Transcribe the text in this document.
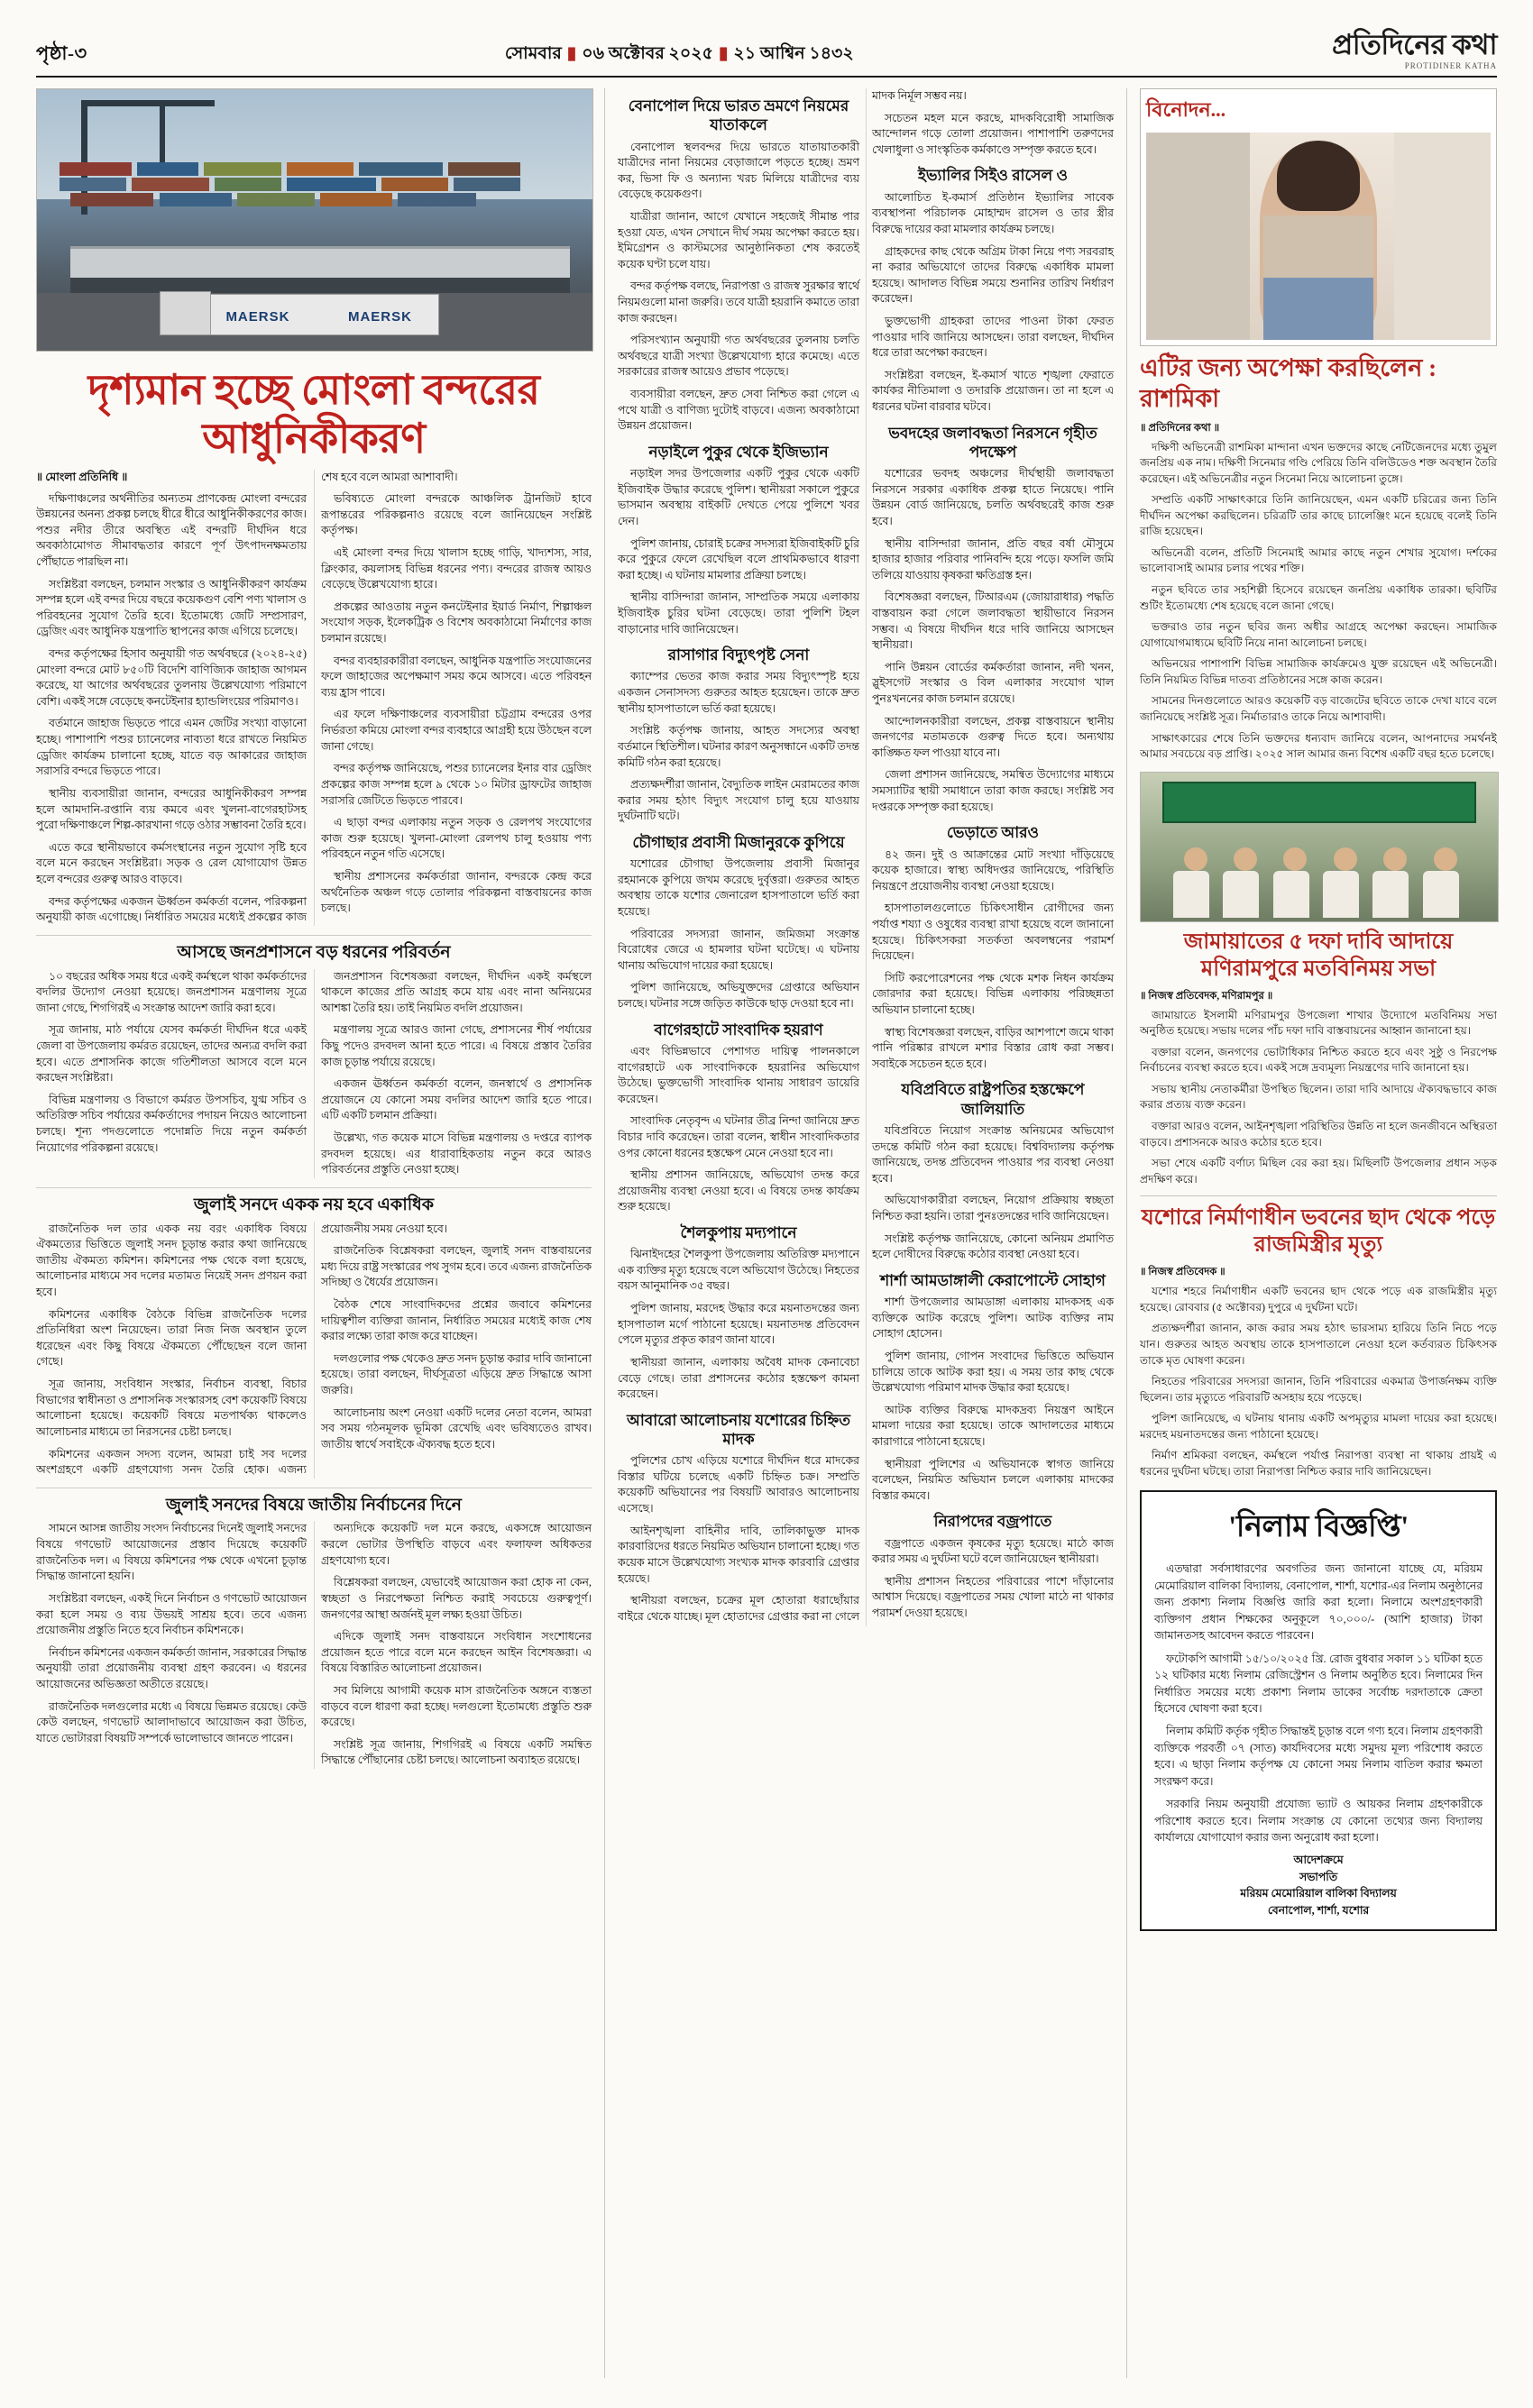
পৃষ্ঠা-৩	সোমবার ▮ ০৬ অক্টোবর ২০২৫ ▮ ২১ আশ্বিন ১৪৩২	প্রতিদিনের কথা
PROTIDINER KATHA
MAERSK	MAERSK
দৃশ্যমান হচ্ছে মোংলা বন্দরের আধুনিকীকরণ
॥ মোংলা প্রতিনিধি ॥

দক্ষিণাঞ্চলের অর্থনীতির অন্যতম প্রাণকেন্দ্র মোংলা বন্দরের উন্নয়নের অনন্য প্রকল্প চলছে ধীরে ধীরে আধুনিকীকরণের কাজ। পশুর নদীর তীরে অবস্থিত এই বন্দরটি দীর্ঘদিন ধরে অবকাঠামোগত সীমাবদ্ধতার কারণে পূর্ণ উৎপাদনক্ষমতায় পৌঁছাতে পারছিল না।

সংশ্লিষ্টরা বলছেন, চলমান সংস্কার ও আধুনিকীকরণ কার্যক্রম সম্পন্ন হলে এই বন্দর দিয়ে বছরে কয়েকগুণ বেশি পণ্য খালাস ও পরিবহনের সুযোগ তৈরি হবে। ইতোমধ্যে জেটি সম্প্রসারণ, ড্রেজিং এবং আধুনিক যন্ত্রপাতি স্থাপনের কাজ এগিয়ে চলেছে।

বন্দর কর্তৃপক্ষের হিসাব অনুযায়ী গত অর্থবছরে (২০২৪-২৫) মোংলা বন্দরে মোট ৮৫০টি বিদেশি বাণিজ্যিক জাহাজ আগমন করেছে, যা আগের অর্থবছরের তুলনায় উল্লেখযোগ্য পরিমাণে বেশি। একই সঙ্গে বেড়েছে কনটেইনার হ্যান্ডলিংয়ের পরিমাণও।

বর্তমানে জাহাজ ভিড়তে পারে এমন জেটির সংখ্যা বাড়ানো হচ্ছে। পাশাপাশি পশুর চ্যানেলের নাব্যতা ধরে রাখতে নিয়মিত ড্রেজিং কার্যক্রম চালানো হচ্ছে, যাতে বড় আকারের জাহাজ সরাসরি বন্দরে ভিড়তে পারে।

স্থানীয় ব্যবসায়ীরা জানান, বন্দরের আধুনিকীকরণ সম্পন্ন হলে আমদানি-রপ্তানি ব্যয় কমবে এবং খুলনা-বাগেরহাটসহ পুরো দক্ষিণাঞ্চলে শিল্প-কারখানা গড়ে ওঠার সম্ভাবনা তৈরি হবে।

এতে করে স্থানীয়ভাবে কর্মসংস্থানের নতুন সুযোগ সৃষ্টি হবে বলে মনে করছেন সংশ্লিষ্টরা। সড়ক ও রেল যোগাযোগ উন্নত হলে বন্দরের গুরুত্ব আরও বাড়বে।

বন্দর কর্তৃপক্ষের একজন ঊর্ধ্বতন কর্মকর্তা বলেন, পরিকল্পনা অনুযায়ী কাজ এগোচ্ছে। নির্ধারিত সময়ের মধ্যেই প্রকল্পের কাজ শেষ হবে বলে আমরা আশাবাদী।

ভবিষ্যতে মোংলা বন্দরকে আঞ্চলিক ট্রানজিট হাবে রূপান্তরের পরিকল্পনাও রয়েছে বলে জানিয়েছেন সংশ্লিষ্ট কর্তৃপক্ষ।

এই মোংলা বন্দর দিয়ে খালাস হচ্ছে গাড়ি, খাদ্যশস্য, সার, ক্লিংকার, কয়লাসহ বিভিন্ন ধরনের পণ্য। বন্দরের রাজস্ব আয়ও বেড়েছে উল্লেখযোগ্য হারে।

প্রকল্পের আওতায় নতুন কনটেইনার ইয়ার্ড নির্মাণ, শিল্পাঞ্চল সংযোগ সড়ক, ইলেকট্রিক ও বিশেষ অবকাঠামো নির্মাণের কাজ চলমান রয়েছে।

বন্দর ব্যবহারকারীরা বলছেন, আধুনিক যন্ত্রপাতি সংযোজনের ফলে জাহাজের অপেক্ষমাণ সময় কমে আসবে। এতে পরিবহন ব্যয় হ্রাস পাবে।

এর ফলে দক্ষিণাঞ্চলের ব্যবসায়ীরা চট্টগ্রাম বন্দরের ওপর নির্ভরতা কমিয়ে মোংলা বন্দর ব্যবহারে আগ্রহী হয়ে উঠছেন বলে জানা গেছে।

বন্দর কর্তৃপক্ষ জানিয়েছে, পশুর চ্যানেলের ইনার বার ড্রেজিং প্রকল্পের কাজ সম্পন্ন হলে ৯ থেকে ১০ মিটার ড্রাফটের জাহাজ সরাসরি জেটিতে ভিড়তে পারবে।

এ ছাড়া বন্দর এলাকায় নতুন সড়ক ও রেলপথ সংযোগের কাজ শুরু হয়েছে। খুলনা-মোংলা রেলপথ চালু হওয়ায় পণ্য পরিবহনে নতুন গতি এসেছে।

স্থানীয় প্রশাসনের কর্মকর্তারা জানান, বন্দরকে কেন্দ্র করে অর্থনৈতিক অঞ্চল গড়ে তোলার পরিকল্পনা বাস্তবায়নের কাজ চলছে।

আসছে জনপ্রশাসনে বড় ধরনের পরিবর্তন

১০ বছরের অধিক সময় ধরে একই কর্মস্থলে থাকা কর্মকর্তাদের বদলির উদ্যোগ নেওয়া হয়েছে। জনপ্রশাসন মন্ত্রণালয় সূত্রে জানা গেছে, শিগগিরই এ সংক্রান্ত আদেশ জারি করা হবে।

সূত্র জানায়, মাঠ পর্যায়ে যেসব কর্মকর্তা দীর্ঘদিন ধরে একই জেলা বা উপজেলায় কর্মরত রয়েছেন, তাদের অন্যত্র বদলি করা হবে। এতে প্রশাসনিক কাজে গতিশীলতা আসবে বলে মনে করছেন সংশ্লিষ্টরা।

বিভিন্ন মন্ত্রণালয় ও বিভাগে কর্মরত উপসচিব, যুগ্ম সচিব ও অতিরিক্ত সচিব পর্যায়ের কর্মকর্তাদের পদায়ন নিয়েও আলোচনা চলছে। শূন্য পদগুলোতে পদোন্নতি দিয়ে নতুন কর্মকর্তা নিয়োগের পরিকল্পনা রয়েছে।

জনপ্রশাসন বিশেষজ্ঞরা বলছেন, দীর্ঘদিন একই কর্মস্থলে থাকলে কাজের প্রতি আগ্রহ কমে যায় এবং নানা অনিয়মের আশঙ্কা তৈরি হয়। তাই নিয়মিত বদলি প্রয়োজন।

মন্ত্রণালয় সূত্রে আরও জানা গেছে, প্রশাসনের শীর্ষ পর্যায়ের কিছু পদেও রদবদল আনা হতে পারে। এ বিষয়ে প্রস্তাব তৈরির কাজ চূড়ান্ত পর্যায়ে রয়েছে।

একজন ঊর্ধ্বতন কর্মকর্তা বলেন, জনস্বার্থে ও প্রশাসনিক প্রয়োজনে যে কোনো সময় বদলির আদেশ জারি হতে পারে। এটি একটি চলমান প্রক্রিয়া।

উল্লেখ্য, গত কয়েক মাসে বিভিন্ন মন্ত্রণালয় ও দপ্তরে ব্যাপক রদবদল হয়েছে। এর ধারাবাহিকতায় নতুন করে আরও পরিবর্তনের প্রস্তুতি নেওয়া হচ্ছে।

জুলাই সনদে একক নয় হবে একাধিক

রাজনৈতিক দল তার একক নয় বরং একাধিক বিষয়ে ঐকমত্যের ভিত্তিতে জুলাই সনদ চূড়ান্ত করার কথা জানিয়েছে জাতীয় ঐকমত্য কমিশন। কমিশনের পক্ষ থেকে বলা হয়েছে, আলোচনার মাধ্যমে সব দলের মতামত নিয়েই সনদ প্রণয়ন করা হবে।

কমিশনের একাধিক বৈঠকে বিভিন্ন রাজনৈতিক দলের প্রতিনিধিরা অংশ নিয়েছেন। তারা নিজ নিজ অবস্থান তুলে ধরেছেন এবং কিছু বিষয়ে ঐকমত্যে পৌঁছেছেন বলে জানা গেছে।

সূত্র জানায়, সংবিধান সংস্কার, নির্বাচন ব্যবস্থা, বিচার বিভাগের স্বাধীনতা ও প্রশাসনিক সংস্কারসহ বেশ কয়েকটি বিষয়ে আলোচনা হয়েছে। কয়েকটি বিষয়ে মতপার্থক্য থাকলেও আলোচনার মাধ্যমে তা নিরসনের চেষ্টা চলছে।

কমিশনের একজন সদস্য বলেন, আমরা চাই সব দলের অংশগ্রহণে একটি গ্রহণযোগ্য সনদ তৈরি হোক। এজন্য প্রয়োজনীয় সময় নেওয়া হবে।

রাজনৈতিক বিশ্লেষকরা বলছেন, জুলাই সনদ বাস্তবায়নের মধ্য দিয়ে রাষ্ট্র সংস্কারের পথ সুগম হবে। তবে এজন্য রাজনৈতিক সদিচ্ছা ও ধৈর্যের প্রয়োজন।

বৈঠক শেষে সাংবাদিকদের প্রশ্নের জবাবে কমিশনের দায়িত্বশীল ব্যক্তিরা জানান, নির্ধারিত সময়ের মধ্যেই কাজ শেষ করার লক্ষ্যে তারা কাজ করে যাচ্ছেন।

দলগুলোর পক্ষ থেকেও দ্রুত সনদ চূড়ান্ত করার দাবি জানানো হয়েছে। তারা বলছেন, দীর্ঘসূত্রতা এড়িয়ে দ্রুত সিদ্ধান্তে আসা জরুরি।

আলোচনায় অংশ নেওয়া একটি দলের নেতা বলেন, আমরা সব সময় গঠনমূলক ভূমিকা রেখেছি এবং ভবিষ্যতেও রাখব। জাতীয় স্বার্থে সবাইকে ঐক্যবদ্ধ হতে হবে।

জুলাই সনদের বিষয়ে জাতীয় নির্বাচনের দিনে

সামনে আসন্ন জাতীয় সংসদ নির্বাচনের দিনেই জুলাই সনদের বিষয়ে গণভোট আয়োজনের প্রস্তাব দিয়েছে কয়েকটি রাজনৈতিক দল। এ বিষয়ে কমিশনের পক্ষ থেকে এখনো চূড়ান্ত সিদ্ধান্ত জানানো হয়নি।

সংশ্লিষ্টরা বলছেন, একই দিনে নির্বাচন ও গণভোট আয়োজন করা হলে সময় ও ব্যয় উভয়ই সাশ্রয় হবে। তবে এজন্য প্রয়োজনীয় প্রস্তুতি নিতে হবে নির্বাচন কমিশনকে।

নির্বাচন কমিশনের একজন কর্মকর্তা জানান, সরকারের সিদ্ধান্ত অনুযায়ী তারা প্রয়োজনীয় ব্যবস্থা গ্রহণ করবেন। এ ধরনের আয়োজনের অভিজ্ঞতা অতীতে রয়েছে।

রাজনৈতিক দলগুলোর মধ্যে এ বিষয়ে ভিন্নমত রয়েছে। কেউ কেউ বলছেন, গণভোট আলাদাভাবে আয়োজন করা উচিত, যাতে ভোটাররা বিষয়টি সম্পর্কে ভালোভাবে জানতে পারেন।

অন্যদিকে কয়েকটি দল মনে করছে, একসঙ্গে আয়োজন করলে ভোটার উপস্থিতি বাড়বে এবং ফলাফল অধিকতর গ্রহণযোগ্য হবে।

বিশ্লেষকরা বলছেন, যেভাবেই আয়োজন করা হোক না কেন, স্বচ্ছতা ও নিরপেক্ষতা নিশ্চিত করাই সবচেয়ে গুরুত্বপূর্ণ। জনগণের আস্থা অর্জনই মূল লক্ষ্য হওয়া উচিত।

এদিকে জুলাই সনদ বাস্তবায়নে সংবিধান সংশোধনের প্রয়োজন হতে পারে বলে মনে করছেন আইন বিশেষজ্ঞরা। এ বিষয়ে বিস্তারিত আলোচনা প্রয়োজন।

সব মিলিয়ে আগামী কয়েক মাস রাজনৈতিক অঙ্গনে ব্যস্ততা বাড়বে বলে ধারণা করা হচ্ছে। দলগুলো ইতোমধ্যে প্রস্তুতি শুরু করেছে।

সংশ্লিষ্ট সূত্র জানায়, শিগগিরই এ বিষয়ে একটি সমন্বিত সিদ্ধান্তে পৌঁছানোর চেষ্টা চলছে। আলোচনা অব্যাহত রয়েছে।

বেনাপোল দিয়ে ভারত ভ্রমণে নিয়মের যাতাকলে

বেনাপোল স্থলবন্দর দিয়ে ভারতে যাতায়াতকারী যাত্রীদের নানা নিয়মের বেড়াজালে পড়তে হচ্ছে। ভ্রমণ কর, ভিসা ফি ও অন্যান্য খরচ মিলিয়ে যাত্রীদের ব্যয় বেড়েছে কয়েকগুণ।

যাত্রীরা জানান, আগে যেখানে সহজেই সীমান্ত পার হওয়া যেত, এখন সেখানে দীর্ঘ সময় অপেক্ষা করতে হয়। ইমিগ্রেশন ও কাস্টমসের আনুষ্ঠানিকতা শেষ করতেই কয়েক ঘণ্টা চলে যায়।

বন্দর কর্তৃপক্ষ বলছে, নিরাপত্তা ও রাজস্ব সুরক্ষার স্বার্থে নিয়মগুলো মানা জরুরি। তবে যাত্রী হয়রানি কমাতে তারা কাজ করছেন।

পরিসংখ্যান অনুযায়ী গত অর্থবছরের তুলনায় চলতি অর্থবছরে যাত্রী সংখ্যা উল্লেখযোগ্য হারে কমেছে। এতে সরকারের রাজস্ব আয়েও প্রভাব পড়েছে।

ব্যবসায়ীরা বলছেন, দ্রুত সেবা নিশ্চিত করা গেলে এ পথে যাত্রী ও বাণিজ্য দুটোই বাড়বে। এজন্য অবকাঠামো উন্নয়ন প্রয়োজন।

নড়াইলে পুকুর থেকে ইজিভ্যান

নড়াইল সদর উপজেলার একটি পুকুর থেকে একটি ইজিবাইক উদ্ধার করেছে পুলিশ। স্থানীয়রা সকালে পুকুরে ভাসমান অবস্থায় বাইকটি দেখতে পেয়ে পুলিশে খবর দেন।

পুলিশ জানায়, চোরাই চক্রের সদস্যরা ইজিবাইকটি চুরি করে পুকুরে ফেলে রেখেছিল বলে প্রাথমিকভাবে ধারণা করা হচ্ছে। এ ঘটনায় মামলার প্রক্রিয়া চলছে।

স্থানীয় বাসিন্দারা জানান, সাম্প্রতিক সময়ে এলাকায় ইজিবাইক চুরির ঘটনা বেড়েছে। তারা পুলিশি টহল বাড়ানোর দাবি জানিয়েছেন।

রাসাগার বিদ্যুৎপৃষ্ট সেনা

ক্যাম্পের ভেতর কাজ করার সময় বিদ্যুৎস্পৃষ্ট হয়ে একজন সেনাসদস্য গুরুতর আহত হয়েছেন। তাকে দ্রুত স্থানীয় হাসপাতালে ভর্তি করা হয়েছে।

সংশ্লিষ্ট কর্তৃপক্ষ জানায়, আহত সদস্যের অবস্থা বর্তমানে স্থিতিশীল। ঘটনার কারণ অনুসন্ধানে একটি তদন্ত কমিটি গঠন করা হয়েছে।

প্রত্যক্ষদর্শীরা জানান, বৈদ্যুতিক লাইন মেরামতের কাজ করার সময় হঠাৎ বিদ্যুৎ সংযোগ চালু হয়ে যাওয়ায় দুর্ঘটনাটি ঘটে।

চৌগাছার প্রবাসী মিজানুরকে কুপিয়ে

যশোরের চৌগাছা উপজেলায় প্রবাসী মিজানুর রহমানকে কুপিয়ে জখম করেছে দুর্বৃত্তরা। গুরুতর আহত অবস্থায় তাকে যশোর জেনারেল হাসপাতালে ভর্তি করা হয়েছে।

পরিবারের সদস্যরা জানান, জমিজমা সংক্রান্ত বিরোধের জেরে এ হামলার ঘটনা ঘটেছে। এ ঘটনায় থানায় অভিযোগ দায়ের করা হয়েছে।

পুলিশ জানিয়েছে, অভিযুক্তদের গ্রেপ্তারে অভিযান চলছে। ঘটনার সঙ্গে জড়িত কাউকে ছাড় দেওয়া হবে না।

বাগেরহাটে সাংবাদিক হয়রাণ

এবং বিভিন্নভাবে পেশাগত দায়িত্ব পালনকালে বাগেরহাটে এক সাংবাদিককে হয়রানির অভিযোগ উঠেছে। ভুক্তভোগী সাংবাদিক থানায় সাধারণ ডায়েরি করেছেন।

সাংবাদিক নেতৃবৃন্দ এ ঘটনার তীব্র নিন্দা জানিয়ে দ্রুত বিচার দাবি করেছেন। তারা বলেন, স্বাধীন সাংবাদিকতার ওপর কোনো ধরনের হস্তক্ষেপ মেনে নেওয়া হবে না।

স্থানীয় প্রশাসন জানিয়েছে, অভিযোগ তদন্ত করে প্রয়োজনীয় ব্যবস্থা নেওয়া হবে। এ বিষয়ে তদন্ত কার্যক্রম শুরু হয়েছে।

শৈলকুপায় মদ্যপানে

ঝিনাইদহের শৈলকুপা উপজেলায় অতিরিক্ত মদ্যপানে এক ব্যক্তির মৃত্যু হয়েছে বলে অভিযোগ উঠেছে। নিহতের বয়স আনুমানিক ৩৫ বছর।

পুলিশ জানায়, মরদেহ উদ্ধার করে ময়নাতদন্তের জন্য হাসপাতাল মর্গে পাঠানো হয়েছে। ময়নাতদন্ত প্রতিবেদন পেলে মৃত্যুর প্রকৃত কারণ জানা যাবে।

স্থানীয়রা জানান, এলাকায় অবৈধ মাদক কেনাবেচা বেড়ে গেছে। তারা প্রশাসনের কঠোর হস্তক্ষেপ কামনা করেছেন।

আবারো আলোচনায় যশোরের চিহ্নিত মাদক

পুলিশের চোখ এড়িয়ে যশোরে দীর্ঘদিন ধরে মাদকের বিস্তার ঘটিয়ে চলেছে একটি চিহ্নিত চক্র। সম্প্রতি কয়েকটি অভিযানের পর বিষয়টি আবারও আলোচনায় এসেছে।

আইনশৃঙ্খলা বাহিনীর দাবি, তালিকাভুক্ত মাদক কারবারিদের ধরতে নিয়মিত অভিযান চালানো হচ্ছে। গত কয়েক মাসে উল্লেখযোগ্য সংখ্যক মাদক কারবারি গ্রেপ্তার হয়েছে।

স্থানীয়রা বলছেন, চক্রের মূল হোতারা ধরাছোঁয়ার বাইরে থেকে যাচ্ছে। মূল হোতাদের গ্রেপ্তার করা না গেলে মাদক নির্মূল সম্ভব নয়।

সচেতন মহল মনে করছে, মাদকবিরোধী সামাজিক আন্দোলন গড়ে তোলা প্রয়োজন। পাশাপাশি তরুণদের খেলাধুলা ও সাংস্কৃতিক কর্মকাণ্ডে সম্পৃক্ত করতে হবে।

ইভ্যালির সিইও রাসেল ও

আলোচিত ই-কমার্স প্রতিষ্ঠান ইভ্যালির সাবেক ব্যবস্থাপনা পরিচালক মোহাম্মদ রাসেল ও তার স্ত্রীর বিরুদ্ধে দায়ের করা মামলার কার্যক্রম চলছে।

গ্রাহকদের কাছ থেকে অগ্রিম টাকা নিয়ে পণ্য সরবরাহ না করার অভিযোগে তাদের বিরুদ্ধে একাধিক মামলা হয়েছে। আদালত বিভিন্ন সময়ে শুনানির তারিখ নির্ধারণ করেছেন।

ভুক্তভোগী গ্রাহকরা তাদের পাওনা টাকা ফেরত পাওয়ার দাবি জানিয়ে আসছেন। তারা বলছেন, দীর্ঘদিন ধরে তারা অপেক্ষা করছেন।

সংশ্লিষ্টরা বলছেন, ই-কমার্স খাতে শৃঙ্খলা ফেরাতে কার্যকর নীতিমালা ও তদারকি প্রয়োজন। তা না হলে এ ধরনের ঘটনা বারবার ঘটবে।

ভবদহের জলাবদ্ধতা নিরসনে গৃহীত পদক্ষেপ

যশোরের ভবদহ অঞ্চলের দীর্ঘস্থায়ী জলাবদ্ধতা নিরসনে সরকার একাধিক প্রকল্প হাতে নিয়েছে। পানি উন্নয়ন বোর্ড জানিয়েছে, চলতি অর্থবছরেই কাজ শুরু হবে।

স্থানীয় বাসিন্দারা জানান, প্রতি বছর বর্ষা মৌসুমে হাজার হাজার পরিবার পানিবন্দি হয়ে পড়ে। ফসলি জমি তলিয়ে যাওয়ায় কৃষকরা ক্ষতিগ্রস্ত হন।

বিশেষজ্ঞরা বলছেন, টিআরএম (জোয়ারাধার) পদ্ধতি বাস্তবায়ন করা গেলে জলাবদ্ধতা স্থায়ীভাবে নিরসন সম্ভব। এ বিষয়ে দীর্ঘদিন ধরে দাবি জানিয়ে আসছেন স্থানীয়রা।

পানি উন্নয়ন বোর্ডের কর্মকর্তারা জানান, নদী খনন, স্লুইসগেট সংস্কার ও বিল এলাকার সংযোগ খাল পুনঃখননের কাজ চলমান রয়েছে।

আন্দোলনকারীরা বলছেন, প্রকল্প বাস্তবায়নে স্থানীয় জনগণের মতামতকে গুরুত্ব দিতে হবে। অন্যথায় কাঙ্ক্ষিত ফল পাওয়া যাবে না।

জেলা প্রশাসন জানিয়েছে, সমন্বিত উদ্যোগের মাধ্যমে সমস্যাটির স্থায়ী সমাধানে তারা কাজ করছে। সংশ্লিষ্ট সব দপ্তরকে সম্পৃক্ত করা হয়েছে।

ভেড়াতে আরও

৪২ জন। দুই ও আক্রান্তের মোট সংখ্যা দাঁড়িয়েছে কয়েক হাজারে। স্বাস্থ্য অধিদপ্তর জানিয়েছে, পরিস্থিতি নিয়ন্ত্রণে প্রয়োজনীয় ব্যবস্থা নেওয়া হয়েছে।

হাসপাতালগুলোতে চিকিৎসাধীন রোগীদের জন্য পর্যাপ্ত শয্যা ও ওষুধের ব্যবস্থা রাখা হয়েছে বলে জানানো হয়েছে। চিকিৎসকরা সতর্কতা অবলম্বনের পরামর্শ দিয়েছেন।

সিটি করপোরেশনের পক্ষ থেকে মশক নিধন কার্যক্রম জোরদার করা হয়েছে। বিভিন্ন এলাকায় পরিচ্ছন্নতা অভিযান চালানো হচ্ছে।

স্বাস্থ্য বিশেষজ্ঞরা বলছেন, বাড়ির আশপাশে জমে থাকা পানি পরিষ্কার রাখলে মশার বিস্তার রোধ করা সম্ভব। সবাইকে সচেতন হতে হবে।

যবিপ্রবিতে রাষ্ট্রপতির হস্তক্ষেপে জালিয়াতি

যবিপ্রবিতে নিয়োগ সংক্রান্ত অনিয়মের অভিযোগ তদন্তে কমিটি গঠন করা হয়েছে। বিশ্ববিদ্যালয় কর্তৃপক্ষ জানিয়েছে, তদন্ত প্রতিবেদন পাওয়ার পর ব্যবস্থা নেওয়া হবে।

অভিযোগকারীরা বলছেন, নিয়োগ প্রক্রিয়ায় স্বচ্ছতা নিশ্চিত করা হয়নি। তারা পুনঃতদন্তের দাবি জানিয়েছেন।

সংশ্লিষ্ট কর্তৃপক্ষ জানিয়েছে, কোনো অনিয়ম প্রমাণিত হলে দোষীদের বিরুদ্ধে কঠোর ব্যবস্থা নেওয়া হবে।

শার্শা আমডাঙ্গালী কেরাপোস্টে সোহাগ

শার্শা উপজেলার আমডাঙ্গা এলাকায় মাদকসহ এক ব্যক্তিকে আটক করেছে পুলিশ। আটক ব্যক্তির নাম সোহাগ হোসেন।

পুলিশ জানায়, গোপন সংবাদের ভিত্তিতে অভিযান চালিয়ে তাকে আটক করা হয়। এ সময় তার কাছ থেকে উল্লেখযোগ্য পরিমাণ মাদক উদ্ধার করা হয়েছে।

আটক ব্যক্তির বিরুদ্ধে মাদকদ্রব্য নিয়ন্ত্রণ আইনে মামলা দায়ের করা হয়েছে। তাকে আদালতের মাধ্যমে কারাগারে পাঠানো হয়েছে।

স্থানীয়রা পুলিশের এ অভিযানকে স্বাগত জানিয়ে বলেছেন, নিয়মিত অভিযান চললে এলাকায় মাদকের বিস্তার কমবে।

নিরাপদের বজ্রপাতে

বজ্রপাতে একজন কৃষকের মৃত্যু হয়েছে। মাঠে কাজ করার সময় এ দুর্ঘটনা ঘটে বলে জানিয়েছেন স্থানীয়রা।

স্থানীয় প্রশাসন নিহতের পরিবারের পাশে দাঁড়ানোর আশ্বাস দিয়েছে। বজ্রপাতের সময় খোলা মাঠে না থাকার পরামর্শ দেওয়া হয়েছে।

বিনোদন...
এটির জন্য অপেক্ষা করছিলেন : রাশমিকা
॥ প্রতিদিনের কথা ॥

দক্ষিণী অভিনেত্রী রাশমিকা মান্দানা এখন ভক্তদের কাছে নেটিজেনদের মধ্যে তুমুল জনপ্রিয় এক নাম। দক্ষিণী সিনেমার গণ্ডি পেরিয়ে তিনি বলিউডেও শক্ত অবস্থান তৈরি করেছেন। এই অভিনেত্রীর নতুন সিনেমা নিয়ে আলোচনা তুঙ্গে।

সম্প্রতি একটি সাক্ষাৎকারে তিনি জানিয়েছেন, এমন একটি চরিত্রের জন্য তিনি দীর্ঘদিন অপেক্ষা করছিলেন। চরিত্রটি তার কাছে চ্যালেঞ্জিং মনে হয়েছে বলেই তিনি রাজি হয়েছেন।

অভিনেত্রী বলেন, প্রতিটি সিনেমাই আমার কাছে নতুন শেখার সুযোগ। দর্শকের ভালোবাসাই আমার চলার পথের শক্তি।

নতুন ছবিতে তার সহশিল্পী হিসেবে রয়েছেন জনপ্রিয় একাধিক তারকা। ছবিটির শুটিং ইতোমধ্যে শেষ হয়েছে বলে জানা গেছে।

ভক্তরাও তার নতুন ছবির জন্য অধীর আগ্রহে অপেক্ষা করছেন। সামাজিক যোগাযোগমাধ্যমে ছবিটি নিয়ে নানা আলোচনা চলছে।

অভিনয়ের পাশাপাশি বিভিন্ন সামাজিক কার্যক্রমেও যুক্ত রয়েছেন এই অভিনেত্রী। তিনি নিয়মিত বিভিন্ন দাতব্য প্রতিষ্ঠানের সঙ্গে কাজ করেন।

সামনের দিনগুলোতে আরও কয়েকটি বড় বাজেটের ছবিতে তাকে দেখা যাবে বলে জানিয়েছে সংশ্লিষ্ট সূত্র। নির্মাতারাও তাকে নিয়ে আশাবাদী।

সাক্ষাৎকারের শেষে তিনি ভক্তদের ধন্যবাদ জানিয়ে বলেন, আপনাদের সমর্থনই আমার সবচেয়ে বড় প্রাপ্তি। ২০২৫ সাল আমার জন্য বিশেষ একটি বছর হতে চলেছে।

জামায়াতের ৫ দফা দাবি আদায়ে মণিরামপুরে মতবিনিময় সভা
॥ নিজস্ব প্রতিবেদক, মণিরামপুর ॥

জামায়াতে ইসলামী মণিরামপুর উপজেলা শাখার উদ্যোগে মতবিনিময় সভা অনুষ্ঠিত হয়েছে। সভায় দলের পাঁচ দফা দাবি বাস্তবায়নের আহ্বান জানানো হয়।

বক্তারা বলেন, জনগণের ভোটাধিকার নিশ্চিত করতে হবে এবং সুষ্ঠু ও নিরপেক্ষ নির্বাচনের ব্যবস্থা করতে হবে। একই সঙ্গে দ্রব্যমূল্য নিয়ন্ত্রণের দাবি জানানো হয়।

সভায় স্থানীয় নেতাকর্মীরা উপস্থিত ছিলেন। তারা দাবি আদায়ে ঐক্যবদ্ধভাবে কাজ করার প্রত্যয় ব্যক্ত করেন।

বক্তারা আরও বলেন, আইনশৃঙ্খলা পরিস্থিতির উন্নতি না হলে জনজীবনে অস্থিরতা বাড়বে। প্রশাসনকে আরও কঠোর হতে হবে।

সভা শেষে একটি বর্ণাঢ্য মিছিল বের করা হয়। মিছিলটি উপজেলার প্রধান সড়ক প্রদক্ষিণ করে।

যশোরে নির্মাণাধীন ভবনের ছাদ থেকে পড়ে রাজমিস্ত্রীর মৃত্যু
॥ নিজস্ব প্রতিবেদক ॥

যশোর শহরে নির্মাণাধীন একটি ভবনের ছাদ থেকে পড়ে এক রাজমিস্ত্রীর মৃত্যু হয়েছে। রোববার (৫ অক্টোবর) দুপুরে এ দুর্ঘটনা ঘটে।

প্রত্যক্ষদর্শীরা জানান, কাজ করার সময় হঠাৎ ভারসাম্য হারিয়ে তিনি নিচে পড়ে যান। গুরুতর আহত অবস্থায় তাকে হাসপাতালে নেওয়া হলে কর্তব্যরত চিকিৎসক তাকে মৃত ঘোষণা করেন।

নিহতের পরিবারের সদস্যরা জানান, তিনি পরিবারের একমাত্র উপার্জনক্ষম ব্যক্তি ছিলেন। তার মৃত্যুতে পরিবারটি অসহায় হয়ে পড়েছে।

পুলিশ জানিয়েছে, এ ঘটনায় থানায় একটি অপমৃত্যুর মামলা দায়ের করা হয়েছে। মরদেহ ময়নাতদন্তের জন্য পাঠানো হয়েছে।

নির্মাণ শ্রমিকরা বলছেন, কর্মস্থলে পর্যাপ্ত নিরাপত্তা ব্যবস্থা না থাকায় প্রায়ই এ ধরনের দুর্ঘটনা ঘটছে। তারা নিরাপত্তা নিশ্চিত করার দাবি জানিয়েছেন।

'নিলাম বিজ্ঞপ্তি'

এতদ্বারা সর্বসাধারণের অবগতির জন্য জানানো যাচ্ছে যে, মরিয়ম মেমোরিয়াল বালিকা বিদ্যালয়, বেনাপোল, শার্শা, যশোর-এর নিলাম অনুষ্ঠানের জন্য প্রকাশ্য নিলাম বিজ্ঞপ্তি জারি করা হলো। নিলামে অংশগ্রহণকারী ব্যক্তিগণ প্রধান শিক্ষকের অনুকূলে ৭০,০০০/- (আশি হাজার) টাকা জামানতসহ আবেদন করতে পারবেন।

ফটোকপি আগামী ১৫/১০/২০২৫ খ্রি. রোজ বুধবার সকাল ১১ ঘটিকা হতে ১২ ঘটিকার মধ্যে নিলাম রেজিস্ট্রেশন ও নিলাম অনুষ্ঠিত হবে। নিলামের দিন নির্ধারিত সময়ের মধ্যে প্রকাশ্য নিলাম ডাকের সর্বোচ্চ দরদাতাকে ক্রেতা হিসেবে ঘোষণা করা হবে।

নিলাম কমিটি কর্তৃক গৃহীত সিদ্ধান্তই চূড়ান্ত বলে গণ্য হবে। নিলাম গ্রহণকারী ব্যক্তিকে পরবর্তী ০৭ (সাত) কার্যদিবসের মধ্যে সমুদয় মূল্য পরিশোধ করতে হবে। এ ছাড়া নিলাম কর্তৃপক্ষ যে কোনো সময় নিলাম বাতিল করার ক্ষমতা সংরক্ষণ করে।

সরকারি নিয়ম অনুযায়ী প্রযোজ্য ভ্যাট ও আয়কর নিলাম গ্রহণকারীকে পরিশোধ করতে হবে। নিলাম সংক্রান্ত যে কোনো তথ্যের জন্য বিদ্যালয় কার্যালয়ে যোগাযোগ করার জন্য অনুরোধ করা হলো।

আদেশক্রমে
সভাপতি
মরিয়ম মেমোরিয়াল বালিকা বিদ্যালয়
বেনাপোল, শার্শা, যশোর
